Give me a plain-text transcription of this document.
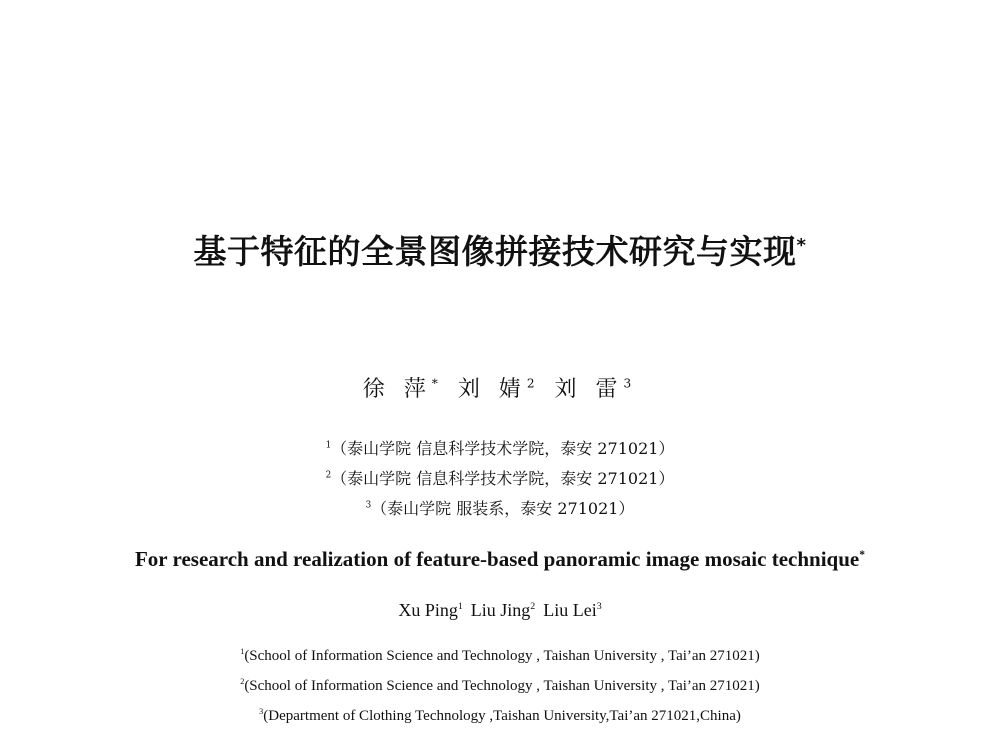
基于特征的全景图像拼接技术研究与实现*
徐 萍* 刘 婧$^2$ 刘 雷$^3$
$^1$（泰山学院 信息科学技术学院，泰安 271021）
$^2$（泰山学院 信息科学技术学院，泰安 271021）
$^3$（泰山学院 服装系，泰安 271021）
For research and realization of feature-based panoramic image mosaic technique*
Xu Ping$^1$ Liu Jing$^2$ Liu Lei$^3$
$^1$(School of Information Science and Technology , Taishan University , Tai’an 271021)
$^2$(School of Information Science and Technology , Taishan University , Tai’an 271021)
$^3$(Department of Clothing Technology ,Taishan University,Tai’an 271021,China)
